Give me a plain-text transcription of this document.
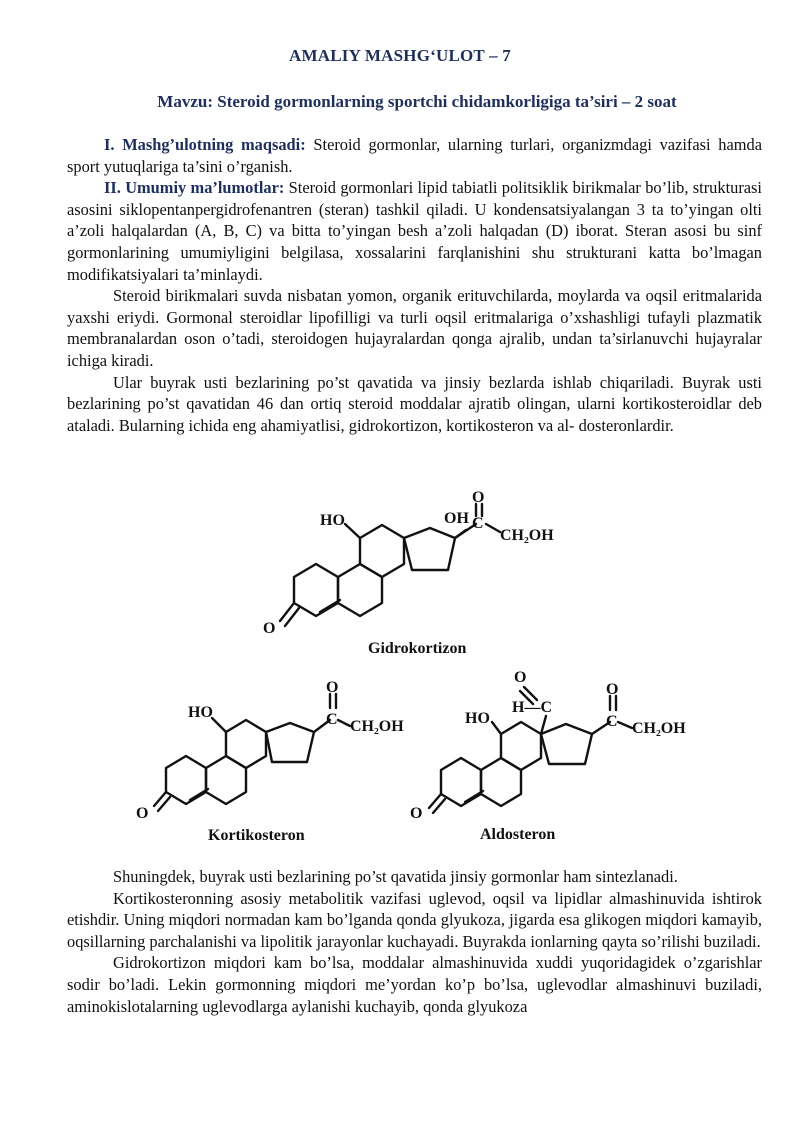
AMALIY MASHG‘ULOT – 7
Mavzu: Steroid gormonlarning sportchi chidamkorligiga ta’siri – 2 soat

I. Mashg’ulotning maqsadi: Steroid gormonlar, ularning turlari, organizmdagi vazifasi hamda sport yutuqlariga ta’sini o’rganish.

II. Umumiy ma’lumotlar: Steroid gormonlari lipid tabiatli politsiklik birikmalar bo’lib, strukturasi asosini siklopentanpergidrofenantren (steran) tashkil qiladi. U kondensatsiyalangan 3 ta to’yingan olti a’zoli halqalardan (A, B, C) va bitta to’yingan besh a’zoli halqadan (D) iborat. Steran asosi bu sinf gormonlarining umumiyligini belgilasa, xossalarini farqlanishini shu strukturani katta bo’lmagan modifikatsiyalari ta’minlaydi.

Steroid birikmalari suvda nisbatan yomon, organik erituvchilarda, moylarda va oqsil eritmalarida yaxshi eriydi. Gormonal steroidlar lipofilligi va turli oqsil eritmalariga o’xshashligi tufayli plazmatik membranalardan oson o’tadi, steroidogen hujayralardan qonga ajralib, undan ta’sirlanuvchi hujayralar ichiga kiradi.

Ular buyrak usti bezlarining po’st qavatida va jinsiy bezlarda ishlab chiqariladi. Buyrak usti bezlarining po’st qavatidan 46 dan ortiq steroid moddalar ajratib olingan, ularni kortikosteroidlar deb ataladi. Bularning ichida eng ahamiyatlisi, gidrokortizon, kortikosteron va al- dosteronlardir.

HO	OH
O
C
CH₂OH
O
Gidrokortizon
HO
O
C CH₂OH
O
Kortikosteron
HO
H—C
O
O
C CH₂OH
O
Aldosteron

Shuningdek, buyrak usti bezlarining po’st qavatida jinsiy gormonlar ham sintezlanadi.

Kortikosteronning asosiy metabolitik vazifasi uglevod, oqsil va lipidlar almashinuvida ishtirok etishdir. Uning miqdori normadan kam bo’lganda qonda glyukoza, jigarda esa glikogen miqdori kamayib, oqsillarning parchalanishi va lipolitik jarayonlar kuchayadi. Buyrakda ionlarning qayta so’rilishi buziladi.

Gidrokortizon miqdori kam bo’lsa, moddalar almashinuvida xuddi yuqoridagidek o’zgarishlar sodir bo’ladi. Lekin gormonning miqdori me’yordan ko’p bo’lsa, uglevodlar almashinuvi buziladi, aminokislotalarning uglevodlarga aylanishi kuchayib, qonda glyukoza
